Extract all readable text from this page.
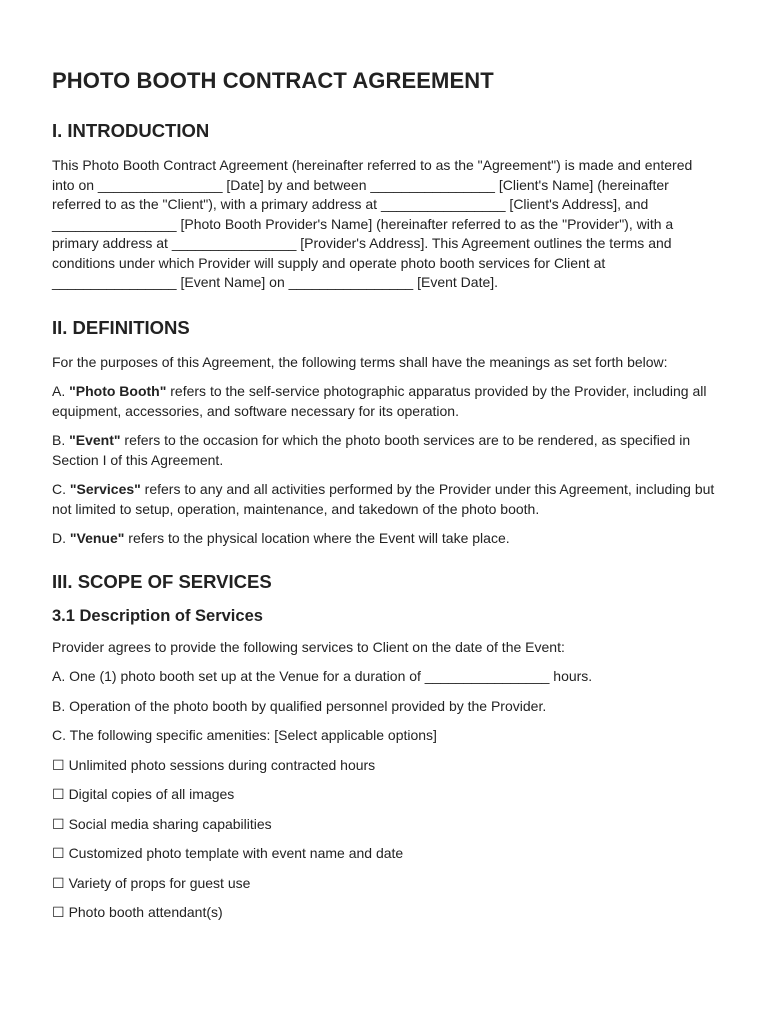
PHOTO BOOTH CONTRACT AGREEMENT
I. INTRODUCTION

This Photo Booth Contract Agreement (hereinafter referred to as the "Agreement") is made and entered into on ________________ [Date] by and between ________________ [Client's Name] (hereinafter referred to as the "Client"), with a primary address at ________________ [Client's Address], and ________________ [Photo Booth Provider's Name] (hereinafter referred to as the "Provider"), with a primary address at ________________ [Provider's Address]. This Agreement outlines the terms and conditions under which Provider will supply and operate photo booth services for Client at ________________ [Event Name] on ________________ [Event Date].

II. DEFINITIONS

For the purposes of this Agreement, the following terms shall have the meanings as set forth below:

A. "Photo Booth" refers to the self-service photographic apparatus provided by the Provider, including all equipment, accessories, and software necessary for its operation.

B. "Event" refers to the occasion for which the photo booth services are to be rendered, as specified in Section I of this Agreement.

C. "Services" refers to any and all activities performed by the Provider under this Agreement, including but not limited to setup, operation, maintenance, and takedown of the photo booth.

D. "Venue" refers to the physical location where the Event will take place.

III. SCOPE OF SERVICES
3.1 Description of Services

Provider agrees to provide the following services to Client on the date of the Event:

A. One (1) photo booth set up at the Venue for a duration of ________________ hours.

B. Operation of the photo booth by qualified personnel provided by the Provider.

C. The following specific amenities: [Select applicable options]

☐ Unlimited photo sessions during contracted hours

☐ Digital copies of all images

☐ Social media sharing capabilities

☐ Customized photo template with event name and date

☐ Variety of props for guest use

☐ Photo booth attendant(s)
